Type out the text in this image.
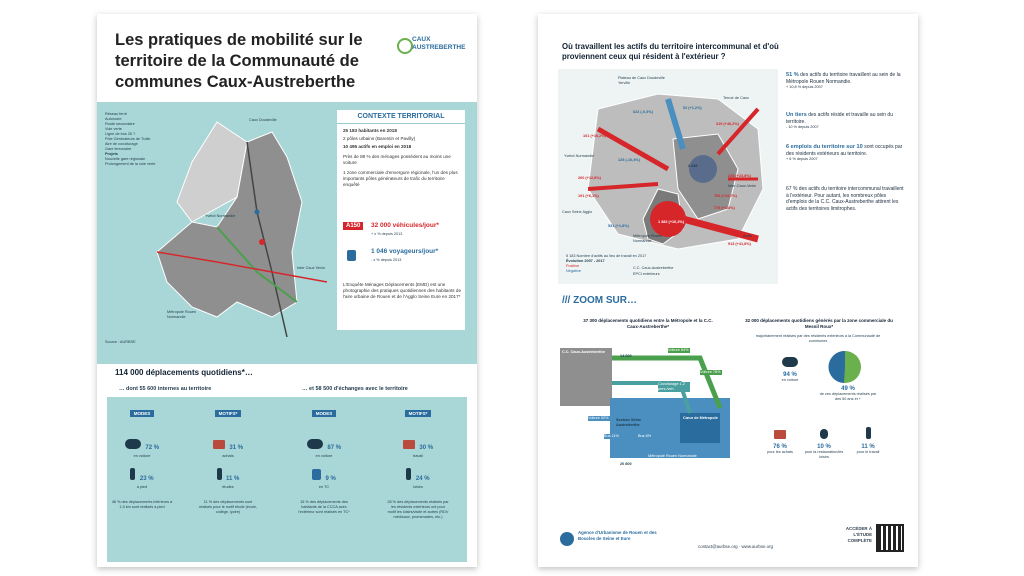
Les pratiques de mobilité sur le territoire de la Communauté de communes Caux-Austreberthe
CAUX AUSTREBERTHE
Réseau ferré
Autoroute
Route secondaire
Voie verte
Ligne de bus 26 ?
Pôle Générateurs de Trafic
Aire de covoiturage
Gare ferroviaire
Projets
Nouvelle gare régionale
Prolongement de la voie verte
Caux Doudeville
Yvetot Normandie
Inter Caux Vexin
Métropole Rouen Normandie
Source : AURBSE
CONTEXTE TERRITORIAL
25 183 habitants en 2018
2 pôles urbains (Barentin et Pavilly)
10 495 actifs en emploi en 2018
Près de 88 % des ménages possèdent au moins une voiture
1 zone commerciale d'envergure régionale, l'un des plus importants pôles générateurs de trafic du territoire enquêté
A150	32 000 véhicules/jour*
+ x % depuis 2013
1 046 voyageurs/jour*
- x % depuis 2013
L'Enquête Ménages Déplacements (EMD) est une photographie des pratiques quotidiennes des habitants de l'aire urbaine de Rouen et de l'Agglo Seine Eure en 2017*
114 000 déplacements quotidiens*…
… dont 55 600 internes au territoire	… et 58 500 d'échanges avec le territoire
MODES
72 %
en voiture
23 %
à pied
46 % des déplacements inférieurs à 1,5 km sont réalisés à pied
MOTIFS*
31 %
achats
11 %
études
11 % des déplacements sont réalisés pour le motif étude (école, collège, lycée)
MODES
87 %
en voiture
9 %
en TC
15 % des déplacements des habitants de la CCCA avec l'extérieur sont réalisés en TC*
MOTIFS*
30 %
travail
24 %
loisirs
28 % des déplacements réalisés par les résidents extérieurs ont pour motif les loisirs/visite et autres (RDV médicaux, promenades, etc.)
Où travaillent les actifs du territoire intercommunal et d'où proviennent ceux qui résident à l'extérieur ?
622 (-0,3%)
92 (+1,2%)
319 (+46,2%)
161 (+10,2%)
125 (-10,4%)
2 446
225 (+23,8%)
260 (+12,8%)
191 (+6,1%)	703 (+23,7%)
778 (+1,8%)
531 (+1,8%)
913 (+41,8%)
1 382 (+10,2%)
Plateau de Caux Doudeville Yerville
Yvetot Normandie
Terroir de Caux
Inter-Caux-Vexin
Caux Seine Agglo
Métropole Rouen Normandie
Autre
5 183 Nombre d'actifs au lieu de travail en 2017
Évolution 2007 - 2017
Positive
Négative
C.C. Caux-Austreberthe
EPCI extérieurs
51 % des actifs du territoire travaillent au sein de la Métropole Rouen Normandie.
+ 10,8 % depuis 2007
Un tiers des actifs réside et travaille au sein du territoire.
- 10 % depuis 2007
6 emplois du territoire sur 10 sont occupés par des résidents extérieurs au territoire.
+ 6 % depuis 2007
67 % des actifs du territoire intercommunal travaillent à l'extérieur. Pour autant, les nombreux pôles d'emplois de la C.C. Caux-Austreberthe attirent les actifs des territoires limitrophes.
/// ZOOM SUR…
37 300 déplacements quotidiens entre la Métropole et la C.C. Caux-Austreberthe*
32 000 déplacements quotidiens générés par la zone commerciale du Mesnil Roux*
majoritairement réalisés par des résidents extérieurs à la Communauté de communes
C.C. Caux-Austreberthe
Secteur Seine Austreberthe
Cœur de Métropole
Métropole Rouen Normandie
14 600
20 800
Voiture 84%
Voiture 78%
Covoiturage 1,2 pers./veh
Voiture 92%
Bus 11%	Bus 6%
94 %
en voiture
49 %
de ces déplacements réalisés par des 50 ans et +
76 %
pour les achats
10 %
pour la restauration/les loisirs
11 %
pour le travail
Agence d'Urbanisme de Rouen et des Boucles de Seine et Eure
contact@aurbse.org · www.aurbse.org
ACCÉDER À L'ÉTUDE COMPLÈTE
